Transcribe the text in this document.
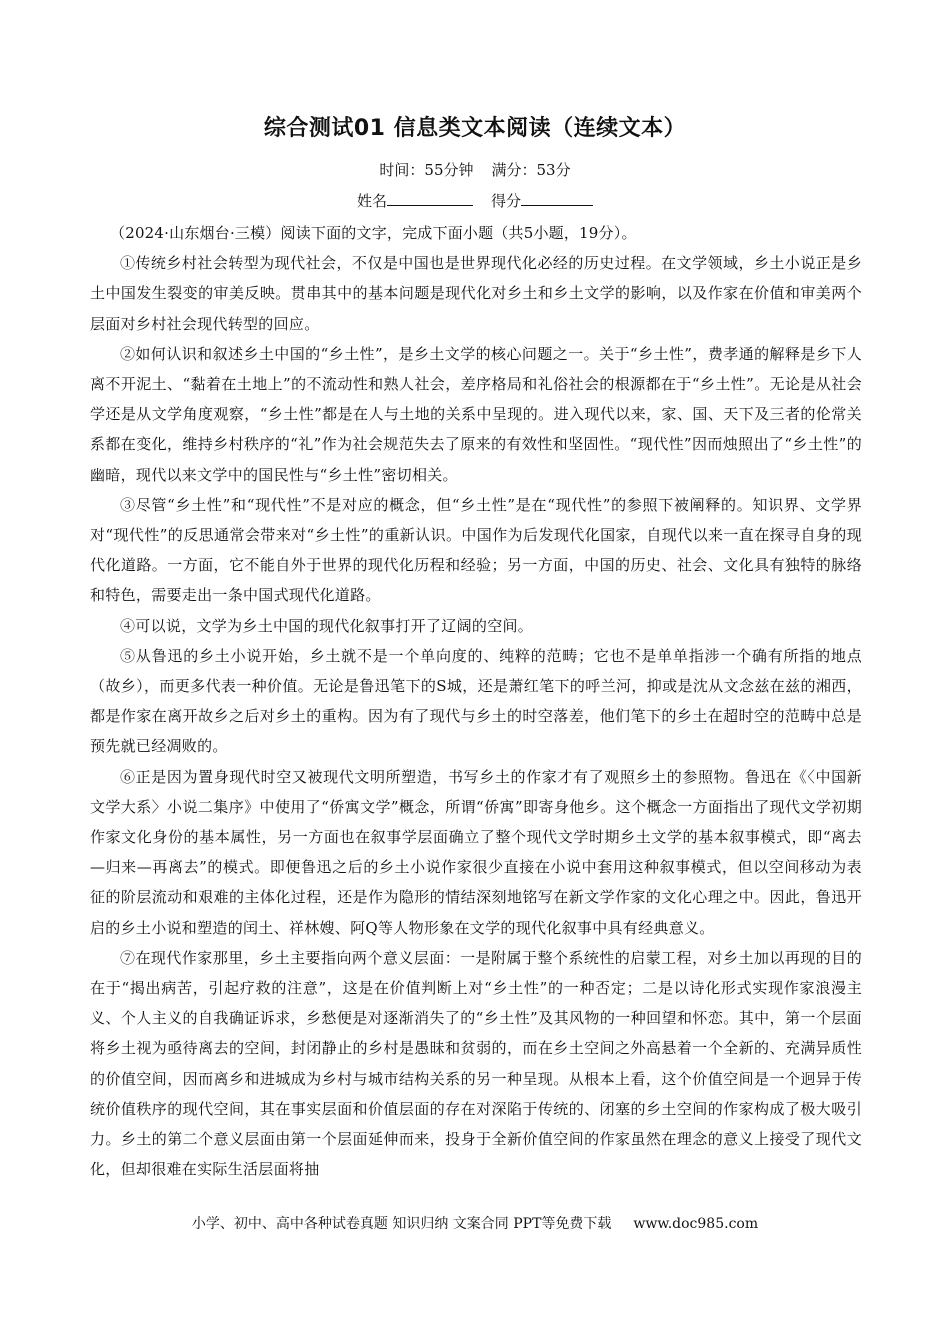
综合测试01 信息类文本阅读（连续文本）
时间：55分钟 满分：53分
姓名	得分

（2024·山东烟台·三模）阅读下面的文字，完成下面小题（共5小题，19分）。

①传统乡村社会转型为现代社会，不仅是中国也是世界现代化必经的历史过程。在文学领域，乡土小说正是乡土中国发生裂变的审美反映。贯串其中的基本问题是现代化对乡土和乡土文学的影响，以及作家在价值和审美两个层面对乡村社会现代转型的回应。

②如何认识和叙述乡土中国的“乡土性”，是乡土文学的核心问题之一。关于“乡土性”，费孝通的解释是乡下人离不开泥土、“黏着在土地上”的不流动性和熟人社会，差序格局和礼俗社会的根源都在于“乡土性”。无论是从社会学还是从文学角度观察，“乡土性”都是在人与土地的关系中呈现的。进入现代以来，家、国、天下及三者的伦常关系都在变化，维持乡村秩序的“礼”作为社会规范失去了原来的有效性和坚固性。“现代性”因而烛照出了“乡土性”的幽暗，现代以来文学中的国民性与“乡土性”密切相关。

③尽管“乡土性”和“现代性”不是对应的概念，但“乡土性”是在“现代性”的参照下被阐释的。知识界、文学界对“现代性”的反思通常会带来对“乡土性”的重新认识。中国作为后发现代化国家，自现代以来一直在探寻自身的现代化道路。一方面，它不能自外于世界的现代化历程和经验；另一方面，中国的历史、社会、文化具有独特的脉络和特色，需要走出一条中国式现代化道路。

④可以说，文学为乡土中国的现代化叙事打开了辽阔的空间。

⑤从鲁迅的乡土小说开始，乡土就不是一个单向度的、纯粹的范畴；它也不是单单指涉一个确有所指的地点（故乡），而更多代表一种价值。无论是鲁迅笔下的S城，还是萧红笔下的呼兰河，抑或是沈从文念兹在兹的湘西，都是作家在离开故乡之后对乡土的重构。因为有了现代与乡土的时空落差，他们笔下的乡土在超时空的范畴中总是预先就已经凋败的。

⑥正是因为置身现代时空又被现代文明所塑造，书写乡土的作家才有了观照乡土的参照物。鲁迅在《〈中国新文学大系〉小说二集序》中使用了“侨寓文学”概念，所谓“侨寓”即寄身他乡。这个概念一方面指出了现代文学初期作家文化身份的基本属性，另一方面也在叙事学层面确立了整个现代文学时期乡土文学的基本叙事模式，即“离去—归来—再离去”的模式。即便鲁迅之后的乡土小说作家很少直接在小说中套用这种叙事模式，但以空间移动为表征的阶层流动和艰难的主体化过程，还是作为隐形的情结深刻地铭写在新文学作家的文化心理之中。因此，鲁迅开启的乡土小说和塑造的闰土、祥林嫂、阿Q等人物形象在文学的现代化叙事中具有经典意义。

⑦在现代作家那里，乡土主要指向两个意义层面：一是附属于整个系统性的启蒙工程，对乡土加以再现的目的在于“揭出病苦，引起疗救的注意”，这是在价值判断上对“乡土性”的一种否定；二是以诗化形式实现作家浪漫主义、个人主义的自我确证诉求，乡愁便是对逐渐消失了的“乡土性”及其风物的一种回望和怀恋。其中，第一个层面将乡土视为亟待离去的空间，封闭静止的乡村是愚昧和贫弱的，而在乡土空间之外高悬着一个全新的、充满异质性的价值空间，因而离乡和进城成为乡村与城市结构关系的另一种呈现。从根本上看，这个价值空间是一个迥异于传统价值秩序的现代空间，其在事实层面和价值层面的存在对深陷于传统的、闭塞的乡土空间的作家构成了极大吸引力。乡土的第二个意义层面由第一个层面延伸而来，投身于全新价值空间的作家虽然在理念的意义上接受了现代文化，但却很难在实际生活层面将抽

小学、初中、高中各种试卷真题 知识归纳 文案合同 PPT等免费下载 www.doc985.com
